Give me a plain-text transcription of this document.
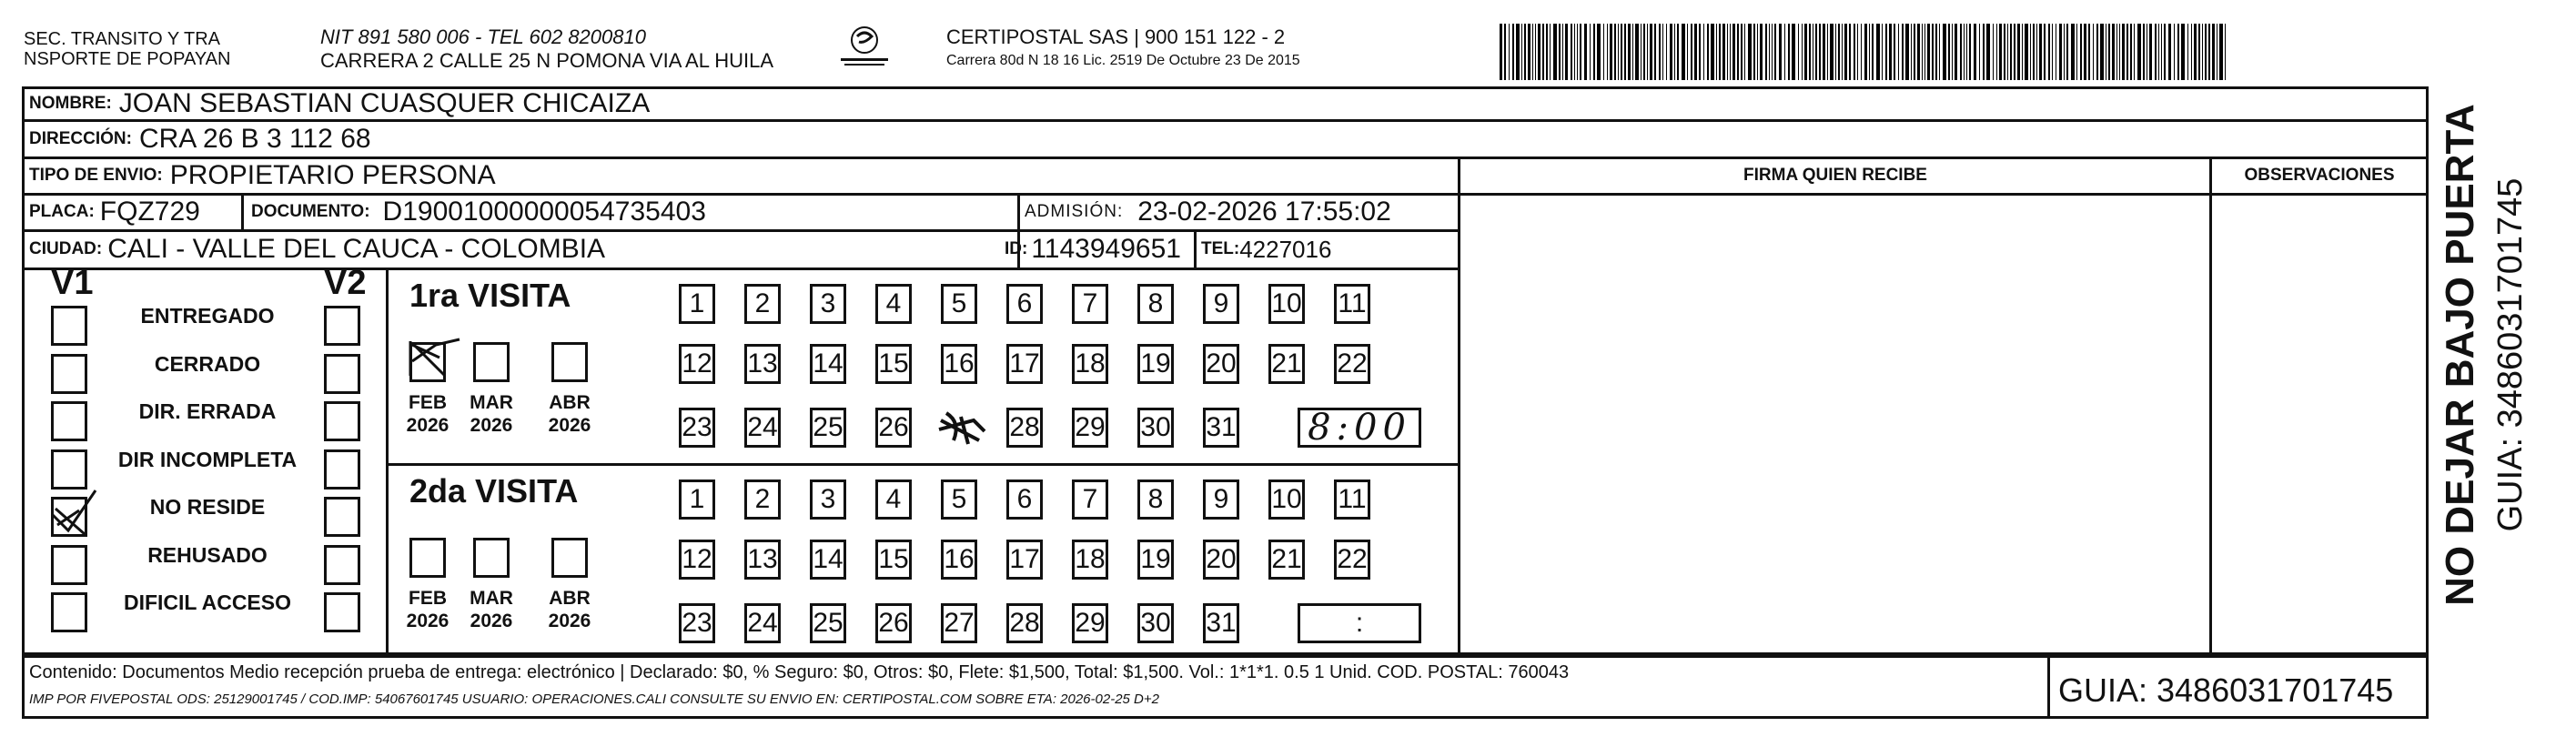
SEC. TRANSITO Y TRA
NSPORTE DE POPAYAN
NIT 891 580 006 - TEL 602 8200810
CARRERA 2 CALLE 25 N POMONA VIA AL HUILA
CERTIPOSTAL SAS | 900 151 122 - 2
Carrera 80d N 18 16 Lic. 2519 De Octubre 23 De 2015
NOMBRE: JOAN SEBASTIAN CUASQUER CHICAIZA
DIRECCIÓN: CRA 26 B 3 112 68
TIPO DE ENVIO: PROPIETARIO PERSONA	FIRMA QUIEN RECIBE	OBSERVACIONES
PLACA: FQZ729	DOCUMENTO: D19001000000054735403	ADMISIÓN: 23-02-2026 17:55:02
CIUDAD: CALI - VALLE DEL CAUCA - COLOMBIA	ID: 1143949651 TEL: 4227016
V1	V2
ENTREGADO
CERRADO
DIR. ERRADA
DIR INCOMPLETA
NO RESIDE
REHUSADO
DIFICIL ACCESO
1ra VISITA
FEB
2026
MAR
2026
ABR
2026
1 2 3 4 5 6 7 8 9 10 11
12 13 14 15 16 17 18 19 20 21 22
23 24 25 26	28 29 30 31 8:00
2da VISITA
FEB
2026
MAR
2026
ABR
2026
1 2 3 4 5 6 7 8 9 10 11
12 13 14 15 16 17 18 19 20 21 22
23 24 25 26 27 28 29 30 31	:
NO DEJAR BAJO PUERTA GUIA: 3486031701745
Contenido: Documentos Medio recepción prueba de entrega: electrónico | Declarado: $0, % Seguro: $0, Otros: $0, Flete: $1,500, Total: $1,500. Vol.: 1*1*1. 0.5 1 Unid. COD. POSTAL: 760043
IMP POR FIVEPOSTAL ODS: 25129001745 / COD.IMP: 54067601745 USUARIO: OPERACIONES.CALI CONSULTE SU ENVIO EN: CERTIPOSTAL.COM SOBRE ETA: 2026-02-25 D+2	GUIA: 3486031701745
